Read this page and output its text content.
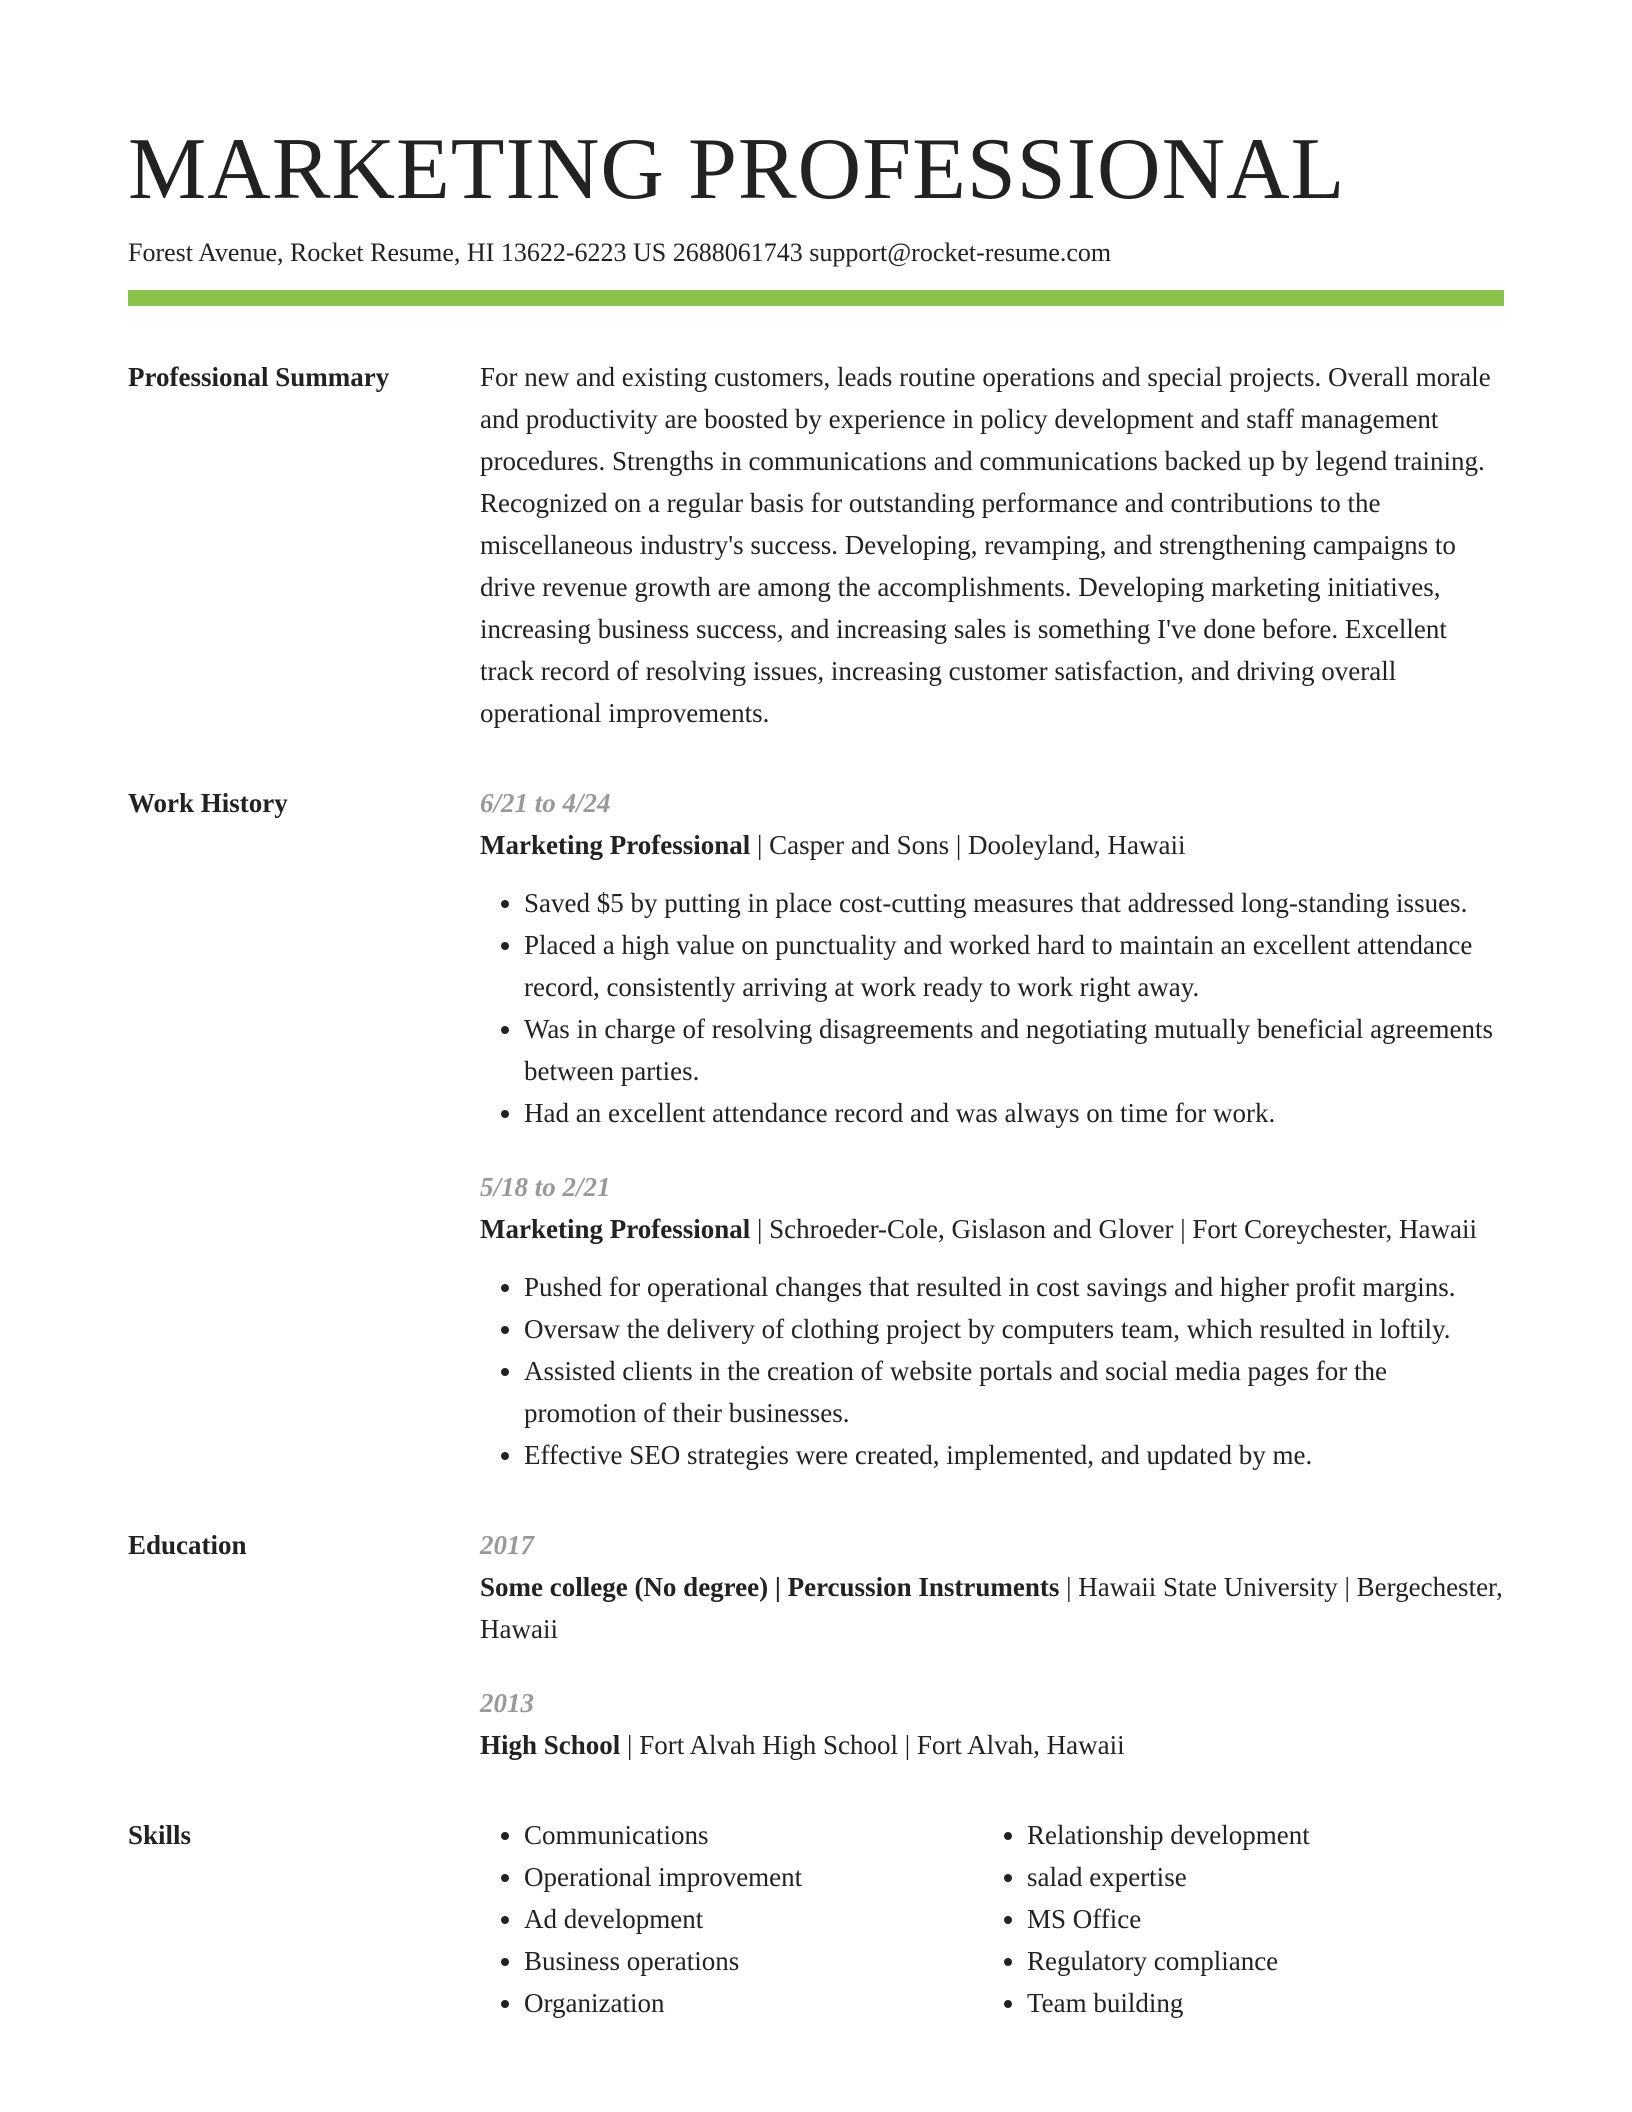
MARKETING PROFESSIONAL
Forest Avenue, Rocket Resume, HI 13622-6223 US 2688061743 support@rocket-resume.com
Professional Summary	For new and existing customers, leads routine operations and special projects. Overall morale and productivity are boosted by experience in policy development and staff management procedures. Strengths in communications and communications backed up by legend training. Recognized on a regular basis for outstanding performance and contributions to the miscellaneous industry's success. Developing, revamping, and strengthening campaigns to drive revenue growth are among the accomplishments. Developing marketing initiatives, increasing business success, and increasing sales is something I've done before. Excellent track record of resolving issues, increasing customer satisfaction, and driving overall operational improvements.

Work History	6/21 to 4/24
Marketing Professional | Casper and Sons | Dooleyland, Hawaii
• Saved $5 by putting in place cost-cutting measures that addressed long-standing issues.
• Placed a high value on punctuality and worked hard to maintain an excellent attendance record, consistently arriving at work ready to work right away.
• Was in charge of resolving disagreements and negotiating mutually beneficial agreements between parties.
• Had an excellent attendance record and was always on time for work.
5/18 to 2/21
Marketing Professional | Schroeder-Cole, Gislason and Glover | Fort Coreychester, Hawaii
• Pushed for operational changes that resulted in cost savings and higher profit margins.
• Oversaw the delivery of clothing project by computers team, which resulted in loftily.
• Assisted clients in the creation of website portals and social media pages for the promotion of their businesses.
• Effective SEO strategies were created, implemented, and updated by me.
Education	2017
Some college (No degree) | Percussion Instruments | Hawaii State University | Bergechester, Hawaii
2013
High School | Fort Alvah High School | Fort Alvah, Hawaii
Skills
•	Communications
• Operational improvement
• Ad development
• Business operations
• Organization
• Relationship development
• salad expertise
• MS Office
• Regulatory compliance
• Team building
